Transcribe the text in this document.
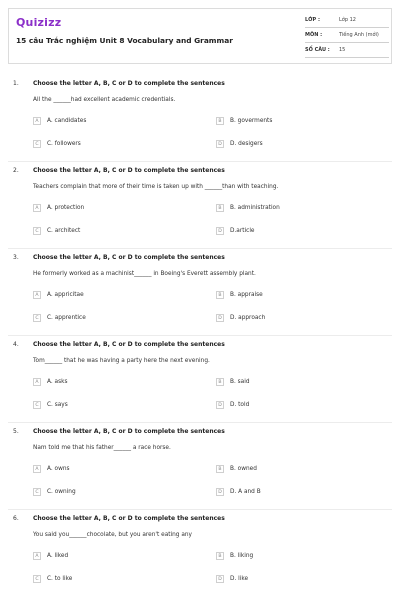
Quizizz
15 câu Trắc nghiệm Unit 8 Vocabulary and Grammar
LỚP :	Lớp 12
MÔN :	Tiếng Anh (mới)
SỐ CÂU :	15
1. Choose the letter A, B, C or D to complete the sentences
All the ______had excellent academic credentials.
A	A. candidates	B	B. goverments
C	C. followers	D	D. desigers
2. Choose the letter A, B, C or D to complete the sentences
Teachers complain that more of their time is taken up with ______than with teaching.
A	A. protection	B	B. administration
C	C. architect	D	D.article
3. Choose the letter A, B, C or D to complete the sentences
He formerly worked as a machinist______ in Boeing's Everett assembly plant.
A	A. appricitae	B	B. appraise
C	C. apprentice	D	D. approach
4. Choose the letter A, B, C or D to complete the sentences
Tom______ that he was having a party here the next evening.
A	A. asks	B	B. said
C	C. says	D	D. told
5. Choose the letter A, B, C or D to complete the sentences
Nam told me that his father______ a race horse.
A	A. owns	B	B. owned
C	C. owning	D	D. A and B
6. Choose the letter A, B, C or D to complete the sentences
You said you______chocolate, but you aren't eating any
A	A. liked	B	B. liking
C	C. to like	D	D. like
